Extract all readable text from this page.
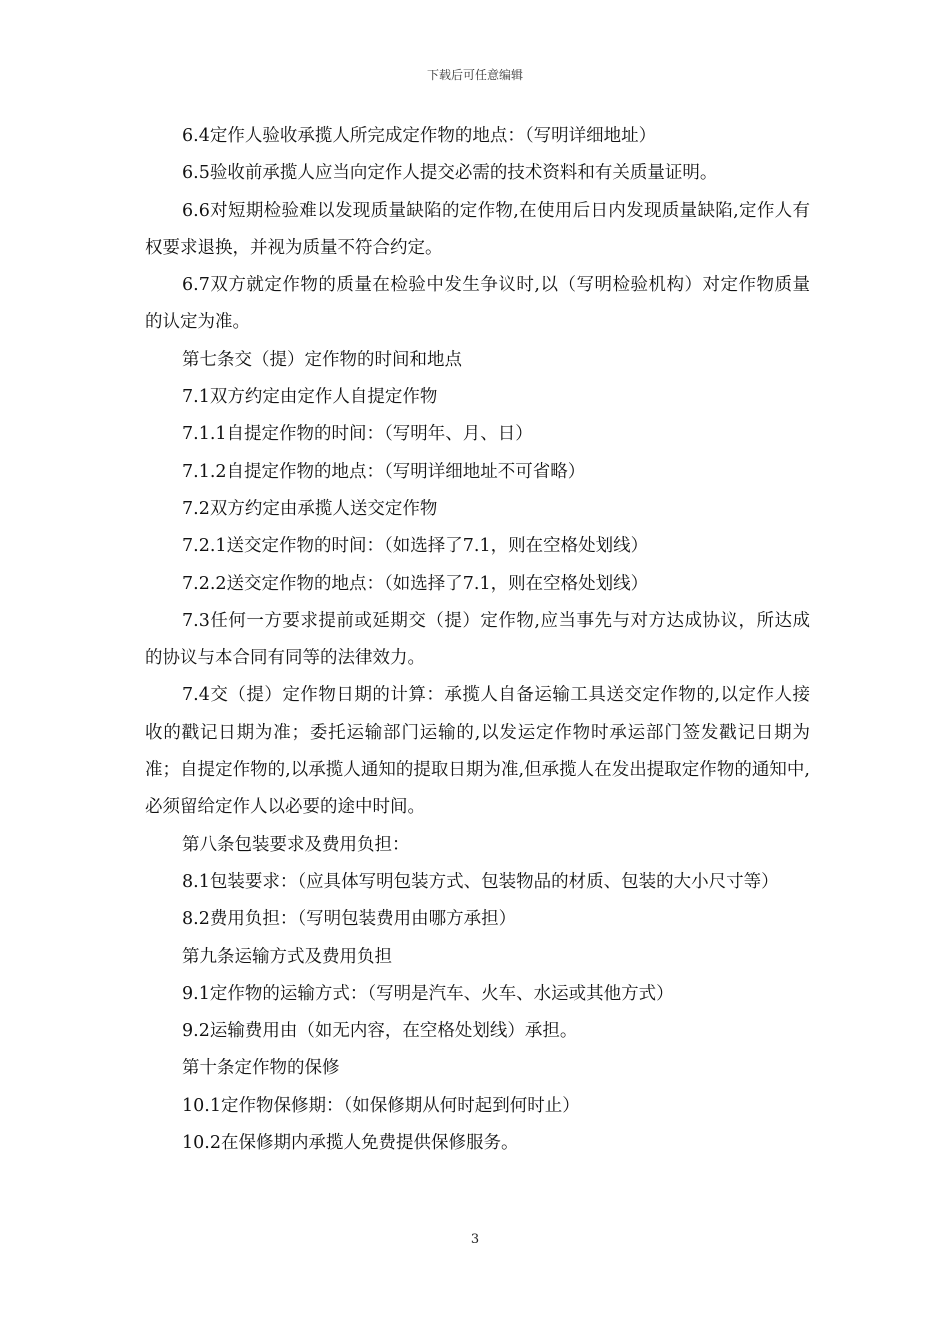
下载后可任意编辑

6.4定作人验收承揽人所完成定作物的地点：（写明详细地址）

6.5验收前承揽人应当向定作人提交必需的技术资料和有关质量证明。

6.6对短期检验难以发现质量缺陷的定作物,在使用后日内发现质量缺陷,定作人有权要求退换，并视为质量不符合约定。

6.7双方就定作物的质量在检验中发生争议时,以（写明检验机构）对定作物质量的认定为准。

第七条交（提）定作物的时间和地点

7.1双方约定由定作人自提定作物

7.1.1自提定作物的时间：（写明年、月、日）

7.1.2自提定作物的地点：（写明详细地址不可省略）

7.2双方约定由承揽人送交定作物

7.2.1送交定作物的时间：（如选择了7.1，则在空格处划线）

7.2.2送交定作物的地点：（如选择了7.1，则在空格处划线）

7.3任何一方要求提前或延期交（提）定作物,应当事先与对方达成协议，所达成的协议与本合同有同等的法律效力。

7.4交（提）定作物日期的计算：承揽人自备运输工具送交定作物的,以定作人接收的戳记日期为准；委托运输部门运输的,以发运定作物时承运部门签发戳记日期为准；自提定作物的,以承揽人通知的提取日期为准,但承揽人在发出提取定作物的通知中,必须留给定作人以必要的途中时间。

第八条包装要求及费用负担：

8.1包装要求：（应具体写明包装方式、包装物品的材质、包装的大小尺寸等）

8.2费用负担：（写明包装费用由哪方承担）

第九条运输方式及费用负担

9.1定作物的运输方式：（写明是汽车、火车、水运或其他方式）

9.2运输费用由（如无内容，在空格处划线）承担。

第十条定作物的保修

10.1定作物保修期：（如保修期从何时起到何时止）

10.2在保修期内承揽人免费提供保修服务。

3
